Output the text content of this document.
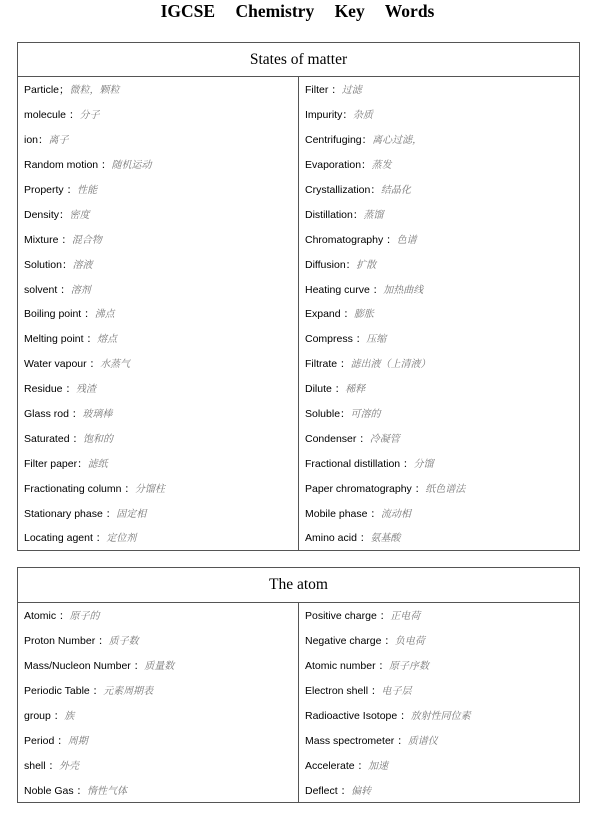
IGCSE Chemistry Key Words
States of matter	
Particle；微粒，颗粒	Filter ：过滤
molecule ：分子	Impurity：杂质
ion：离子	Centrifuging：离心过滤，
Random motion ：随机运动	Evaporation：蒸发
Property ：性能	Crystallization：结晶化
Density：密度	Distillation：蒸馏
Mixture ：混合物	Chromatography ：色谱
Solution：溶液	Diffusion：扩散
solvent ：溶剂	Heating curve ：加热曲线
Boiling point ：沸点	Expand ：膨胀
Melting point ：熔点	Compress ：压缩
Water vapour ：水蒸气	Filtrate ：滤出液（上清液）
Residue ：残渣	Dilute ：稀释
Glass rod ：玻璃棒	Soluble：可溶的
Saturated ：饱和的	Condenser ：冷凝管
Filter paper：滤纸	Fractional distillation ：分馏
Fractionating column ：分馏柱	Paper chromatography ：纸色谱法
Stationary phase ：固定相	Mobile phase ：流动相
Locating agent ：定位剂	Amino acid ：氨基酸
The atom	
Atomic ：原子的	Positive charge ：正电荷
Proton Number ：质子数	Negative charge ：负电荷
Mass/Nucleon Number ：质量数	Atomic number ：原子序数
Periodic Table ：元素周期表	Electron shell ：电子层
group ：族	Radioactive Isotope ：放射性同位素
Period ：周期	Mass spectrometer ：质谱仪
shell ：外壳	Accelerate ：加速
Noble Gas ：惰性气体	Deflect ：偏转
